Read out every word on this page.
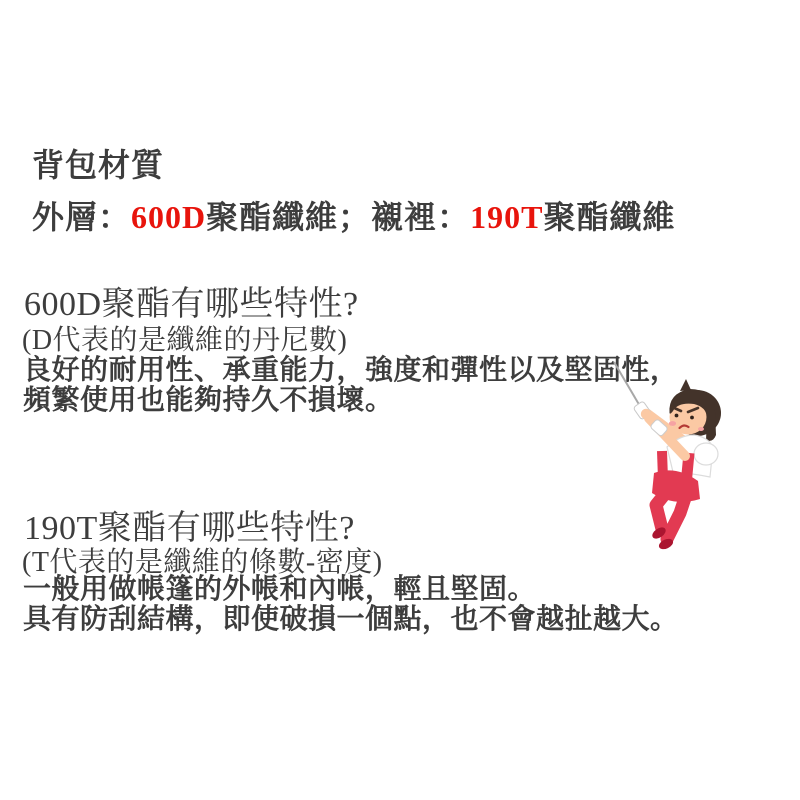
背包材質
外層：600D聚酯纖維；襯裡：190T聚酯纖維
600D聚酯有哪些特性?
(D代表的是纖維的丹尼數)
良好的耐用性、承重能力，強度和彈性以及堅固性，
頻繁使用也能夠持久不損壞。
190T聚酯有哪些特性?
(T代表的是纖維的條數-密度)
一般用做帳篷的外帳和內帳，輕且堅固。
具有防刮結構，即使破損一個點，也不會越扯越大。
